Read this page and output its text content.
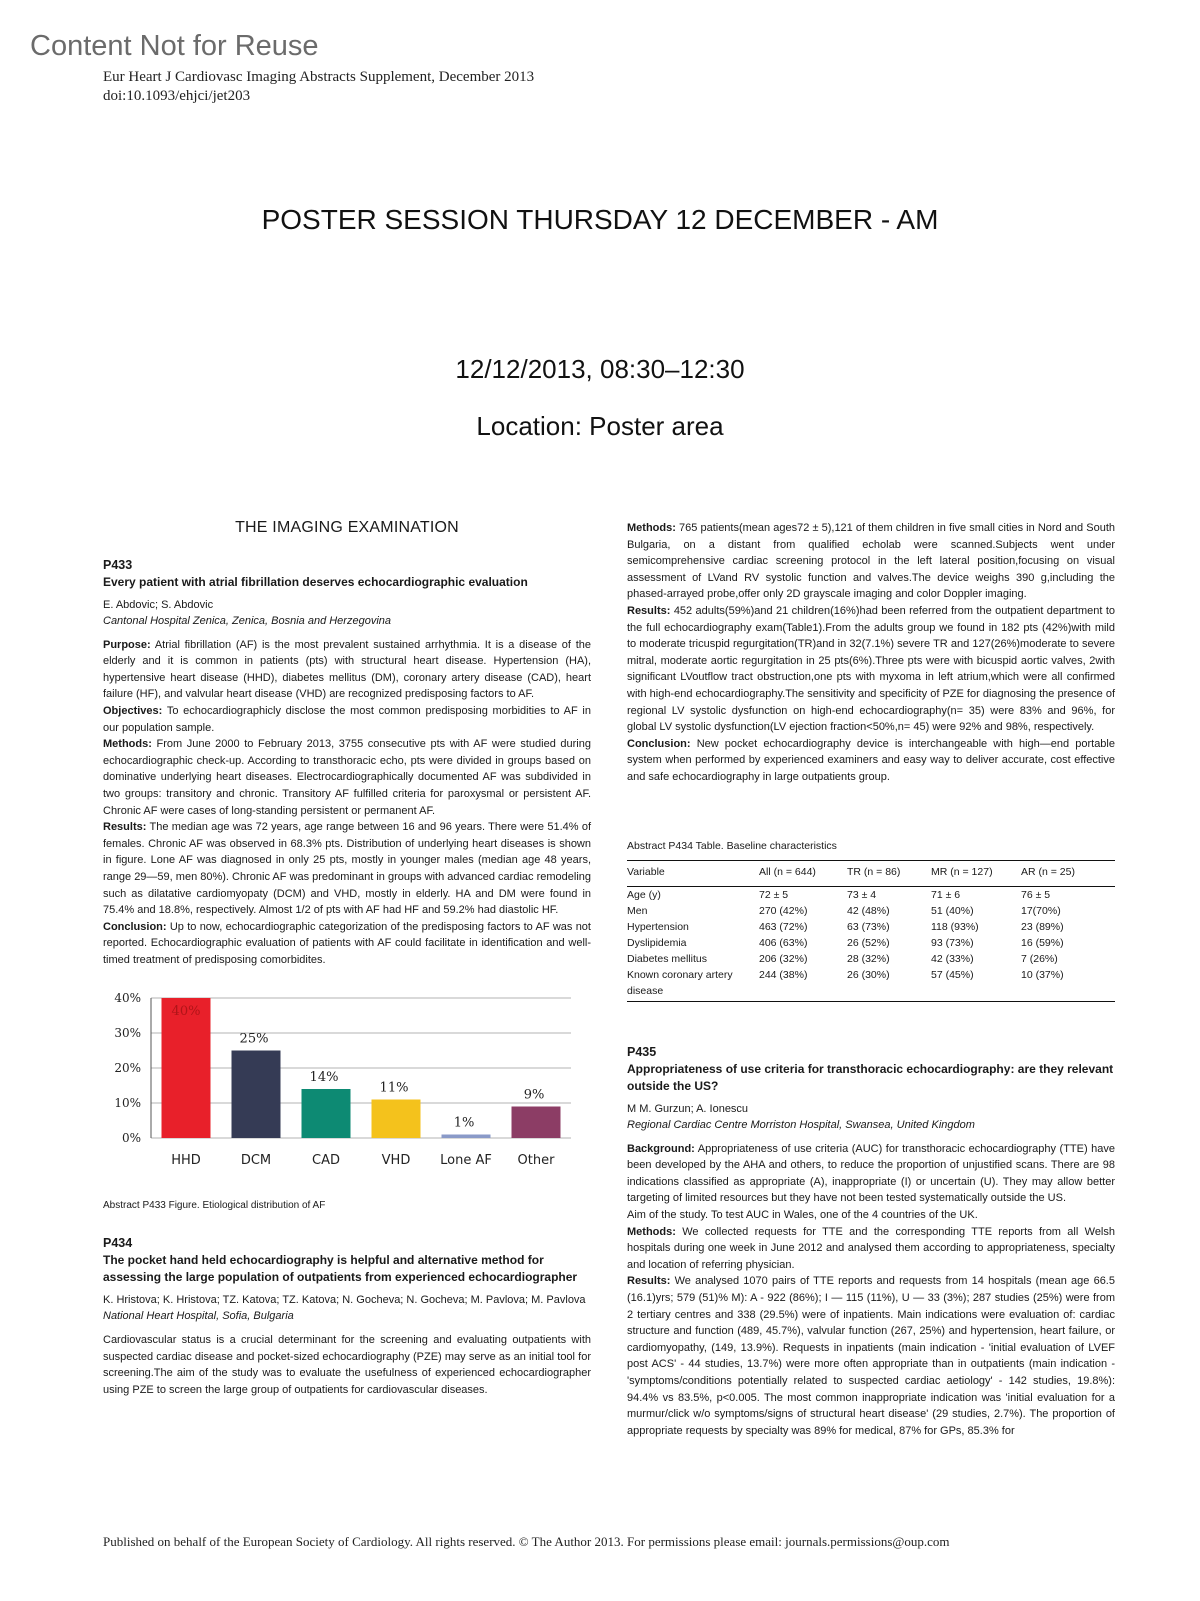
Content Not for Reuse
Eur Heart J Cardiovasc Imaging Abstracts Supplement, December 2013
doi:10.1093/ehjci/jet203
POSTER SESSION THURSDAY 12 DECEMBER - AM
12/12/2013, 08:30–12:30
Location: Poster area
THE IMAGING EXAMINATION
P433
Every patient with atrial fibrillation deserves echocardiographic evaluation
E. Abdovic; S. Abdovic
Cantonal Hospital Zenica, Zenica, Bosnia and Herzegovina
Purpose: Atrial fibrillation (AF) is the most prevalent sustained arrhythmia. It is a disease of the elderly and it is common in patients (pts) with structural heart disease. Hypertension (HA), hypertensive heart disease (HHD), diabetes mellitus (DM), coronary artery disease (CAD), heart failure (HF), and valvular heart disease (VHD) are recognized predisposing factors to AF.
Objectives: To echocardiographicly disclose the most common predisposing morbidities to AF in our population sample.
Methods: From June 2000 to February 2013, 3755 consecutive pts with AF were studied during echocardiographic check-up. According to transthoracic echo, pts were divided in groups based on dominative underlying heart diseases. Electrocardiographically documented AF was subdivided in two groups: transitory and chronic. Transitory AF fulfilled criteria for paroxysmal or persistent AF. Chronic AF were cases of long-standing persistent or permanent AF.
Results: The median age was 72 years, age range between 16 and 96 years. There were 51.4% of females. Chronic AF was observed in 68.3% pts. Distribution of underlying heart diseases is shown in figure. Lone AF was diagnosed in only 25 pts, mostly in younger males (median age 48 years, range 29—59, men 80%). Chronic AF was predominant in groups with advanced cardiac remodeling such as dilatative cardiomyopaty (DCM) and VHD, mostly in elderly. HA and DM were found in 75.4% and 18.8%, respectively. Almost 1/2 of pts with AF had HF and 59.2% had diastolic HF.
Conclusion: Up to now, echocardiographic categorization of the predisposing factors to AF was not reported. Echocardiographic evaluation of patients with AF could facilitate in identification and well-timed treatment of predisposing comorbidites.
0%
10%
20%
30%
40%
40%
HHD
25%
DCM
14%
CAD
11%
VHD
1%
Lone AF
9%
Other
Abstract P433 Figure. Etiological distribution of AF
P434
The pocket hand held echocardiography is helpful and alternative method for assessing the large population of outpatients from experienced echocardiographer
K. Hristova; K. Hristova; TZ. Katova; TZ. Katova; N. Gocheva; N. Gocheva; M. Pavlova; M. Pavlova
National Heart Hospital, Sofia, Bulgaria
Cardiovascular status is a crucial determinant for the screening and evaluating outpatients with suspected cardiac disease and pocket-sized echocardiography (PZE) may serve as an initial tool for screening.The aim of the study was to evaluate the usefulness of experienced echocardiographer using PZE to screen the large group of outpatients for cardiovascular diseases.
Methods: 765 patients(mean ages72 ± 5),121 of them children in five small cities in Nord and South Bulgaria, on a distant from qualified echolab were scanned.Subjects went under semicomprehensive cardiac screening protocol in the left lateral position,focusing on visual assessment of LVand RV systolic function and valves.The device weighs 390 g,including the phased-arrayed probe,offer only 2D grayscale imaging and color Doppler imaging.
Results: 452 adults(59%)and 21 children(16%)had been referred from the outpatient department to the full echocardiography exam(Table1).From the adults group we found in 182 pts (42%)with mild to moderate tricuspid regurgitation(TR)and in 32(7.1%) severe TR and 127(26%)moderate to severe mitral, moderate aortic regurgitation in 25 pts(6%).Three pts were with bicuspid aortic valves, 2with significant LVoutflow tract obstruction,one pts with myxoma in left atrium,which were all confirmed with high-end echocardiography.The sensitivity and specificity of PZE for diagnosing the presence of regional LV systolic dysfunction on high-end echocardiography(n= 35) were 83% and 96%, for global LV systolic dysfunction(LV ejection fraction<50%,n= 45) were 92% and 98%, respectively.
Conclusion: New pocket echocardiography device is interchangeable with high—end portable system when performed by experienced examiners and easy way to deliver accurate, cost effective and safe echocardiography in large outpatients group.
Abstract P434 Table. Baseline characteristics
Variable	All (n = 644)	TR (n = 86)	MR (n = 127)	AR (n = 25)
Age (y)	72 ± 5	73 ± 4	71 ± 6	76 ± 5
Men	270 (42%)	42 (48%)	51 (40%)	17(70%)
Hypertension	463 (72%)	63 (73%)	118 (93%)	23 (89%)
Dyslipidemia	406 (63%)	26 (52%)	93 (73%)	16 (59%)
Diabetes mellitus	206 (32%)	28 (32%)	42 (33%)	7 (26%)
Known coronary artery disease	244 (38%)	26 (30%)	57 (45%)	10 (37%)
P435
Appropriateness of use criteria for transthoracic echocardiography: are they relevant outside the US?
M M. Gurzun; A. Ionescu
Regional Cardiac Centre Morriston Hospital, Swansea, United Kingdom
Background: Appropriateness of use criteria (AUC) for transthoracic echocardiography (TTE) have been developed by the AHA and others, to reduce the proportion of unjustified scans. There are 98 indications classified as appropriate (A), inappropriate (I) or uncertain (U). They may allow better targeting of limited resources but they have not been tested systematically outside the US.
Aim of the study. To test AUC in Wales, one of the 4 countries of the UK.
Methods: We collected requests for TTE and the corresponding TTE reports from all Welsh hospitals during one week in June 2012 and analysed them according to appropriateness, specialty and location of referring physician.
Results: We analysed 1070 pairs of TTE reports and requests from 14 hospitals (mean age 66.5 (16.1)yrs; 579 (51)% M): A - 922 (86%); I — 115 (11%), U — 33 (3%); 287 studies (25%) were from 2 tertiary centres and 338 (29.5%) were of inpatients. Main indications were evaluation of: cardiac structure and function (489, 45.7%), valvular function (267, 25%) and hypertension, heart failure, or cardiomyopathy, (149, 13.9%). Requests in inpatients (main indication - 'initial evaluation of LVEF post ACS' - 44 studies, 13.7%) were more often appropriate than in outpatients (main indication - 'symptoms/conditions potentially related to suspected cardiac aetiology' - 142 studies, 19.8%): 94.4% vs 83.5%, p<0.005. The most common inappropriate indication was 'initial evaluation for a murmur/click w/o symptoms/signs of structural heart disease' (29 studies, 2.7%). The proportion of appropriate requests by specialty was 89% for medical, 87% for GPs, 85.3% for
Published on behalf of the European Society of Cardiology. All rights reserved. © The Author 2013. For permissions please email: journals.permissions@oup.com
